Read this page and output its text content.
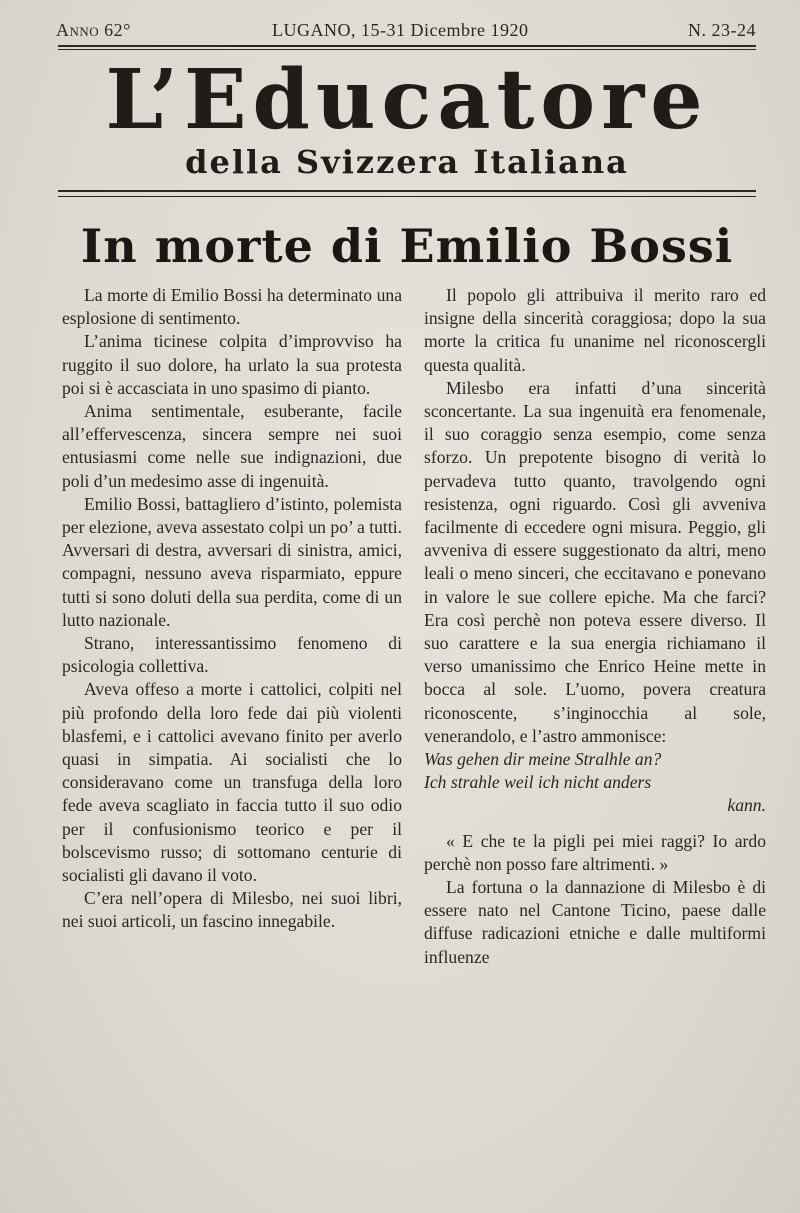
Anno 62°	LUGANO, 15-31 Dicembre 1920	N. 23-24
L’Educatore
della Svizzera Italiana
In morte di Emilio Bossi

La morte di Emilio Bossi ha determinato una esplosione di sentimento.

L’anima ticinese colpita d’improvviso ha ruggito il suo dolore, ha urlato la sua protesta poi si è accasciata in uno spasimo di pianto.

Anima sentimentale, esuberante, facile all’effervescenza, sincera sempre nei suoi entusiasmi come nelle sue indignazioni, due poli d’un medesimo asse di ingenuità.

Emilio Bossi, battagliero d’istinto, polemista per elezione, aveva assestato colpi un po’ a tutti. Avversari di destra, avversari di sinistra, amici, compagni, nessuno aveva risparmiato, eppure tutti si sono doluti della sua perdita, come di un lutto nazionale.

Strano, interessantissimo fenomeno di psicologia collettiva.

Aveva offeso a morte i cattolici, colpiti nel più profondo della loro fede dai più violenti blasfemi, e i cattolici avevano finito per averlo quasi in simpatia. Ai socialisti che lo consideravano come un transfuga della loro fede aveva scagliato in faccia tutto il suo odio per il confusionismo teorico e per il bolscevismo russo; di sottomano centurie di socialisti gli davano il voto.

C’era nell’opera di Milesbo, nei suoi libri, nei suoi articoli, un fascino innegabile.

Il popolo gli attribuiva il merito raro ed insigne della sincerità coraggiosa; dopo la sua morte la critica fu unanime nel riconoscergli questa qualità.

Milesbo era infatti d’una sincerità sconcertante. La sua ingenuità era fenomenale, il suo coraggio senza esempio, come senza sforzo. Un prepotente bisogno di verità lo pervadeva tutto quanto, travolgendo ogni resistenza, ogni riguardo. Così gli avveniva facilmente di eccedere ogni misura. Peggio, gli avveniva di essere suggestionato da altri, meno leali o meno sinceri, che eccitavano e ponevano in valore le sue collere epiche. Ma che farci? Era così perchè non poteva essere diverso. Il suo carattere e la sua energia richiamano il verso umanissimo che Enrico Heine mette in bocca al sole. L’uomo, povera creatura riconoscente, s’inginocchia al sole, venerandolo, e l’astro ammonisce:

Was gehen dir meine Stralhle an?

Ich strahle weil ich nicht anders

kann.

« E che te la pigli pei miei raggi? Io ardo perchè non posso fare altrimenti. »

La fortuna o la dannazione di Milesbo è di essere nato nel Cantone Ticino, paese dalle diffuse radicazioni etniche e dalle multiformi influenze
